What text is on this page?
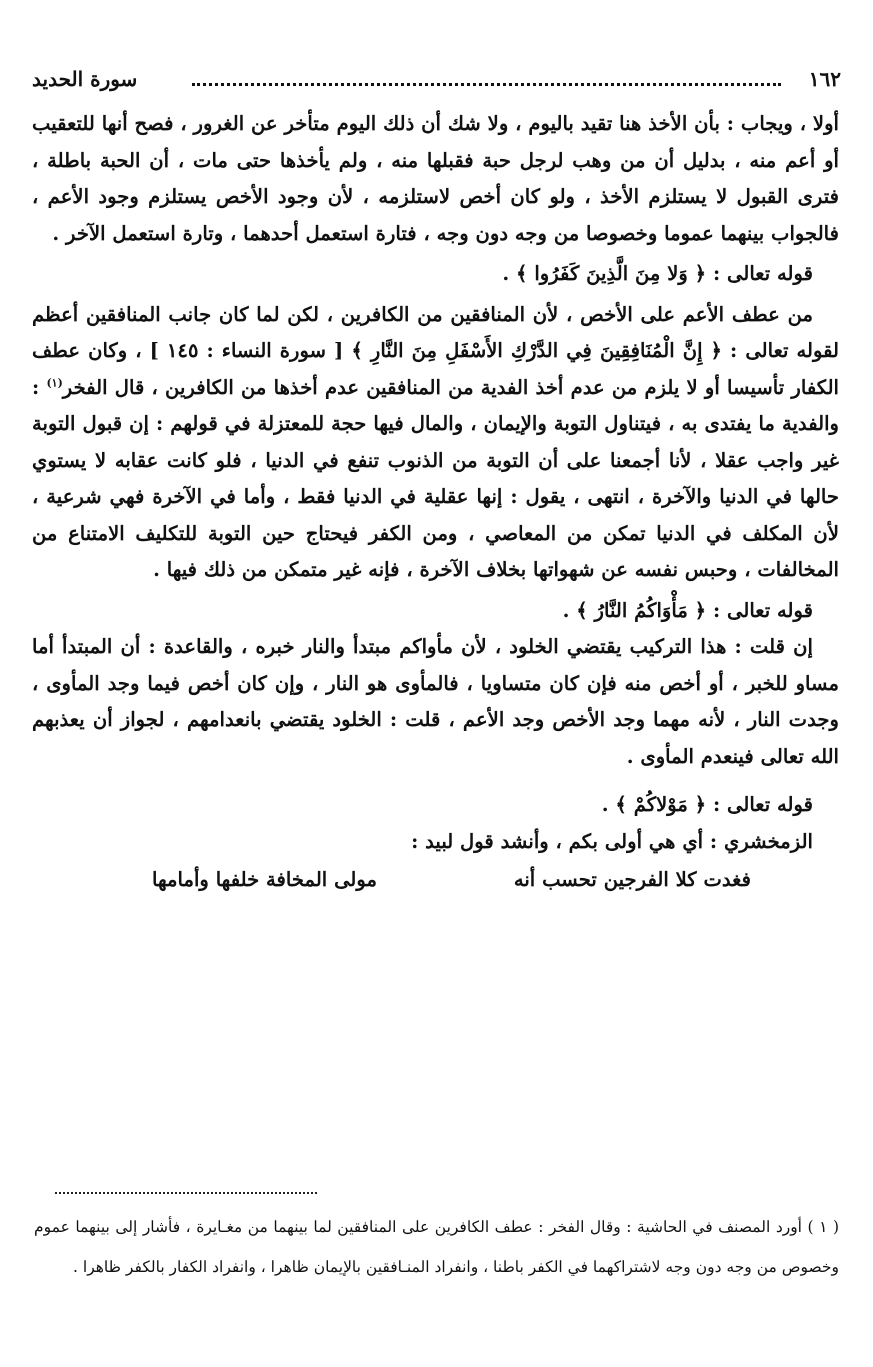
١٦٢
سورة الحديد

أولا ، ويجاب : بأن الأخذ هنا تقيد باليوم ، ولا شك أن ذلك اليوم متأخر عن الغرور ، فصح أنها للتعقيب أو أعم منه ، بدليل أن من وهب لرجل حبة فقبلها منه ، ولم يأخذها حتى مات ، أن الحبة باطلة ، فترى القبول لا يستلزم الأخذ ، ولو كان أخص لاستلزمه ، لأن وجود الأخص يستلزم وجود الأعم ، فالجواب بينهما عموما وخصوصا من وجه دون وجه ، فتارة استعمل أحدهما ، وتارة استعمل الآخر .

قوله تعالى : ﴿ وَلا مِنَ الَّذِينَ كَفَرُوا ﴾ .

من عطف الأعم على الأخص ، لأن المنافقين من الكافرين ، لكن لما كان جانب المنافقين أعظم لقوله تعالى : ﴿ إِنَّ الْمُنَافِقِينَ فِي الدَّرْكِ الأَسْفَلِ مِنَ النَّارِ ﴾ [ سورة النساء : ١٤٥ ] ، وكان عطف الكفار تأسيسا أو لا يلزم من عدم أخذ الفدية من المنافقين عدم أخذها من الكافرين ، قال الفخر$^{(١)}$ : والفدية ما يفتدى به ، فيتناول التوبة والإيمان ، والمال فيها حجة للمعتزلة في قولهم : إن قبول التوبة غير واجب عقلا ، لأنا أجمعنا على أن التوبة من الذنوب تنفع في الدنيا ، فلو كانت عقابه لا يستوي حالها في الدنيا والآخرة ، انتهى ، يقول : إنها عقلية في الدنيا فقط ، وأما في الآخرة فهي شرعية ، لأن المكلف في الدنيا تمكن من المعاصي ، ومن الكفر فيحتاج حين التوبة للتكليف الامتناع من المخالفات ، وحبس نفسه عن شهواتها بخلاف الآخرة ، فإنه غير متمكن من ذلك فيها .

قوله تعالى : ﴿ مَأْوَاكُمُ النَّارُ ﴾ .

إن قلت : هذا التركيب يقتضي الخلود ، لأن مأواكم مبتدأ والنار خبره ، والقاعدة : أن المبتدأ أما مساو للخبر ، أو أخص منه فإن كان متساويا ، فالمأوى هو النار ، وإن كان أخص فيما وجد المأوى ، وجدت النار ، لأنه مهما وجد الأخص وجد الأعم ، قلت : الخلود يقتضي بانعدامهم ، لجواز أن يعذبهم الله تعالى فينعدم المأوى .

قوله تعالى : ﴿ مَوْلاكُمْ ﴾ .

الزمخشري : أي هي أولى بكم ، وأنشد قول لبيد :

فغدت كلا الفرجين تحسب أنه
مولى المخافة خلفها وأمامها

( ١ ) أورد المصنف في الحاشية : وقال الفخر : عطف الكافرين على المنافقين لما بينهما من مغـايرة ، فأشار إلى بينهما عموم وخصوص من وجه دون وجه لاشتراكهما في الكفر باطنا ، وانفراد المنـافقين بالإيمان ظاهرا ، وانفراد الكفار بالكفر ظاهرا .
